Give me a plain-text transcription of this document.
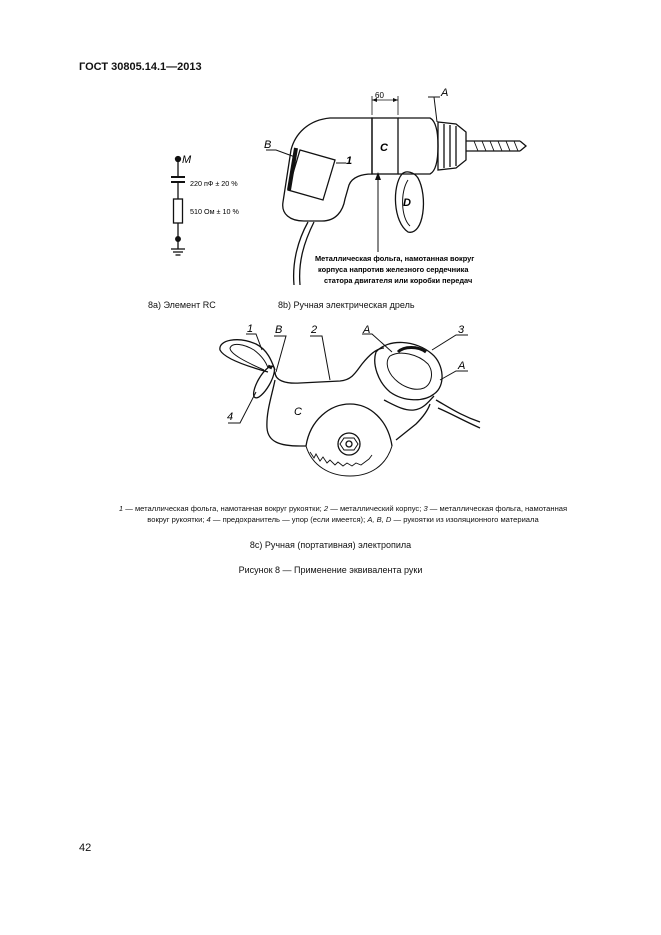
ГОСТ 30805.14.1—2013
M
220 пФ ± 20 %
510 Ом ± 10 %
60	A
B	C
D
1
Металлическая фольга, намотанная вокруг
корпуса напротив железного сердечника
статора двигателя или коробки передач
1 B	2	A	3
A
4	C
8a) Элемент RC	8b) Ручная электрическая дрель
1 — металлическая фольга, намотанная вокруг рукоятки; 2 — металлический корпус; 3 — металлическая фольга, намотанная
вокруг рукоятки; 4 — предохранитель — упор (если имеется); A, B, D — рукоятки из изоляционного материала
8c) Ручная (портативная) электропила
Рисунок 8 — Применение эквивалента руки
42
